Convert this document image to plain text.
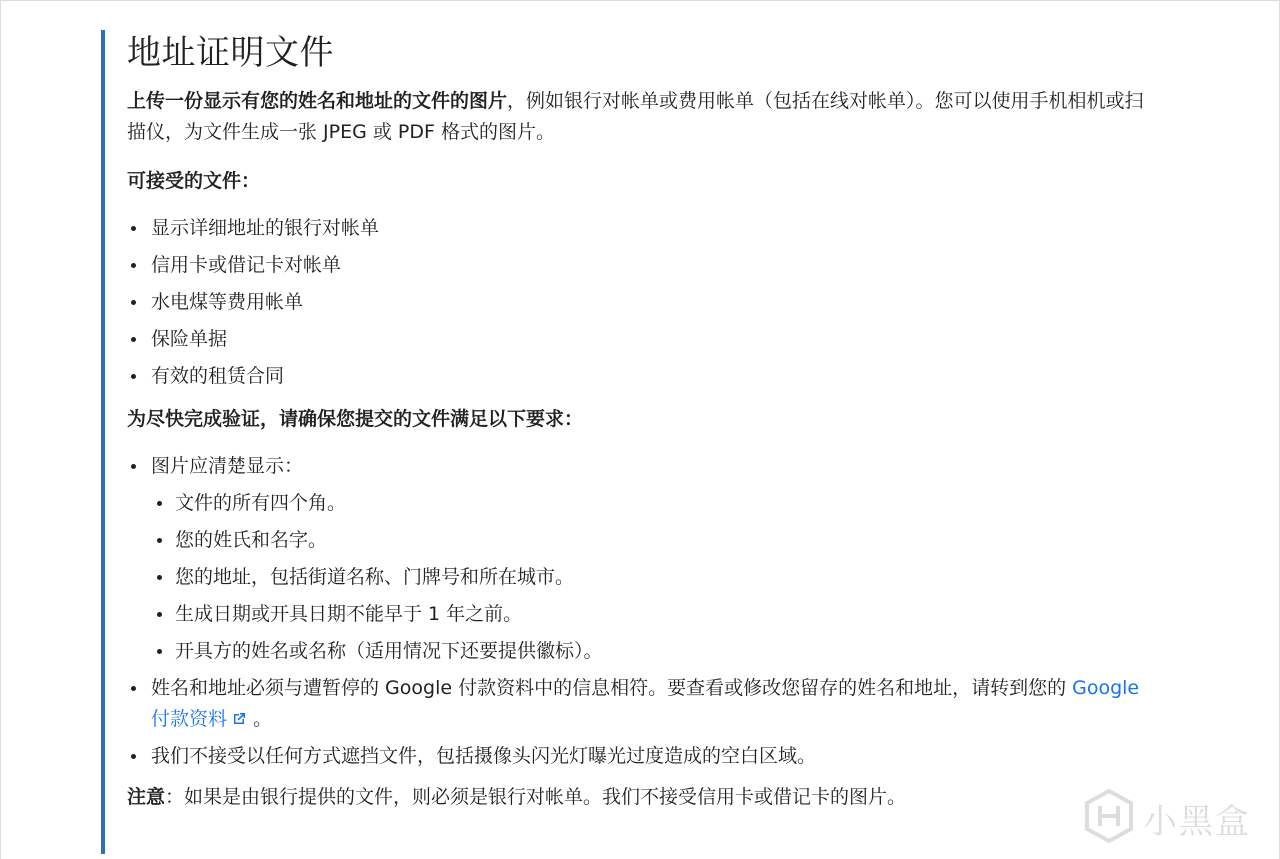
地址证明文件

上传一份显示有您的姓名和地址的文件的图片，例如银行对帐单或费用帐单（包括在线对帐单）。您可以使用手机相机或扫描仪，为文件生成一张 JPEG 或 PDF 格式的图片。

可接受的文件：

显示详细地址的银行对帐单
信用卡或借记卡对帐单
水电煤等费用帐单
保险单据
有效的租赁合同

为尽快完成验证，请确保您提交的文件满足以下要求：

图片应清楚显示：
文件的所有四个角。
您的姓氏和名字。
您的地址，包括街道名称、门牌号和所在城市。
生成日期或开具日期不能早于 1 年之前。
开具方的姓名或名称（适用情况下还要提供徽标）。
姓名和地址必须与遭暂停的 Google 付款资料中的信息相符。要查看或修改您留存的姓名和地址，请转到您的 Google 付款资料 。
我们不接受以任何方式遮挡文件，包括摄像头闪光灯曝光过度造成的空白区域。

注意：如果是由银行提供的文件，则必须是银行对帐单。我们不接受信用卡或借记卡的图片。

小黑盒
